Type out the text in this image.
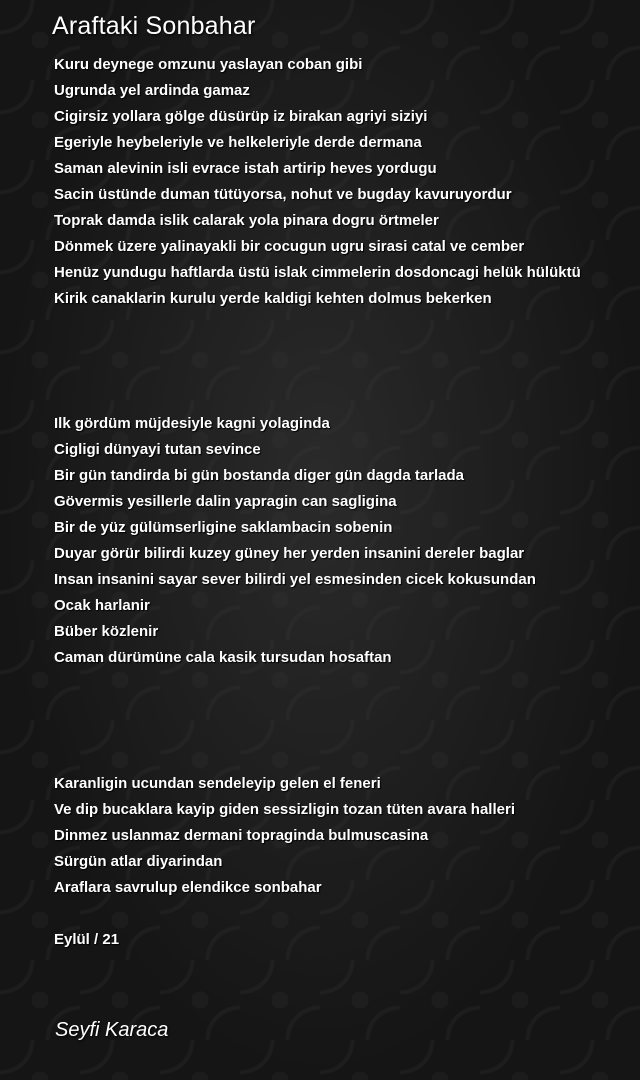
Araftaki Sonbahar
Kuru deynege omzunu yaslayan coban gibi
Ugrunda yel ardinda gamaz
Cigirsiz yollara gölge düsürüp iz birakan agriyi siziyi
Egeriyle heybeleriyle ve helkeleriyle derde dermana
Saman alevinin isli evrace istah artirip heves yordugu
Sacin üstünde duman tütüyorsa, nohut ve bugday kavuruyordur
Toprak damda islik calarak yola pinara dogru örtmeler
Dönmek üzere yalinayakli bir cocugun ugru sirasi catal ve cember
Henüz yundugu haftlarda üstü islak cimmelerin dosdoncagi helük hülüktü
Kirik canaklarin kurulu yerde kaldigi kehten dolmus bekerken
Ilk gördüm müjdesiyle kagni yolaginda
Cigligi dünyayi tutan sevince
Bir gün tandirda bi gün bostanda diger gün dagda tarlada
Gövermis yesillerle dalin yapragin can sagligina
Bir de yüz gülümserligine saklambacin sobenin
Duyar görür bilirdi kuzey güney her yerden insanini dereler baglar
Insan insanini sayar sever bilirdi yel esmesinden cicek kokusundan
Ocak harlanir
Büber közlenir
Caman dürümüne cala kasik tursudan hosaftan
Karanligin ucundan sendeleyip gelen el feneri
Ve dip bucaklara kayip giden sessizligin tozan tüten avara halleri
Dinmez uslanmaz dermani topraginda bulmuscasina
Sürgün atlar diyarindan
Araflara savrulup elendikce sonbahar
Eylül / 21

Seyfi Karaca
